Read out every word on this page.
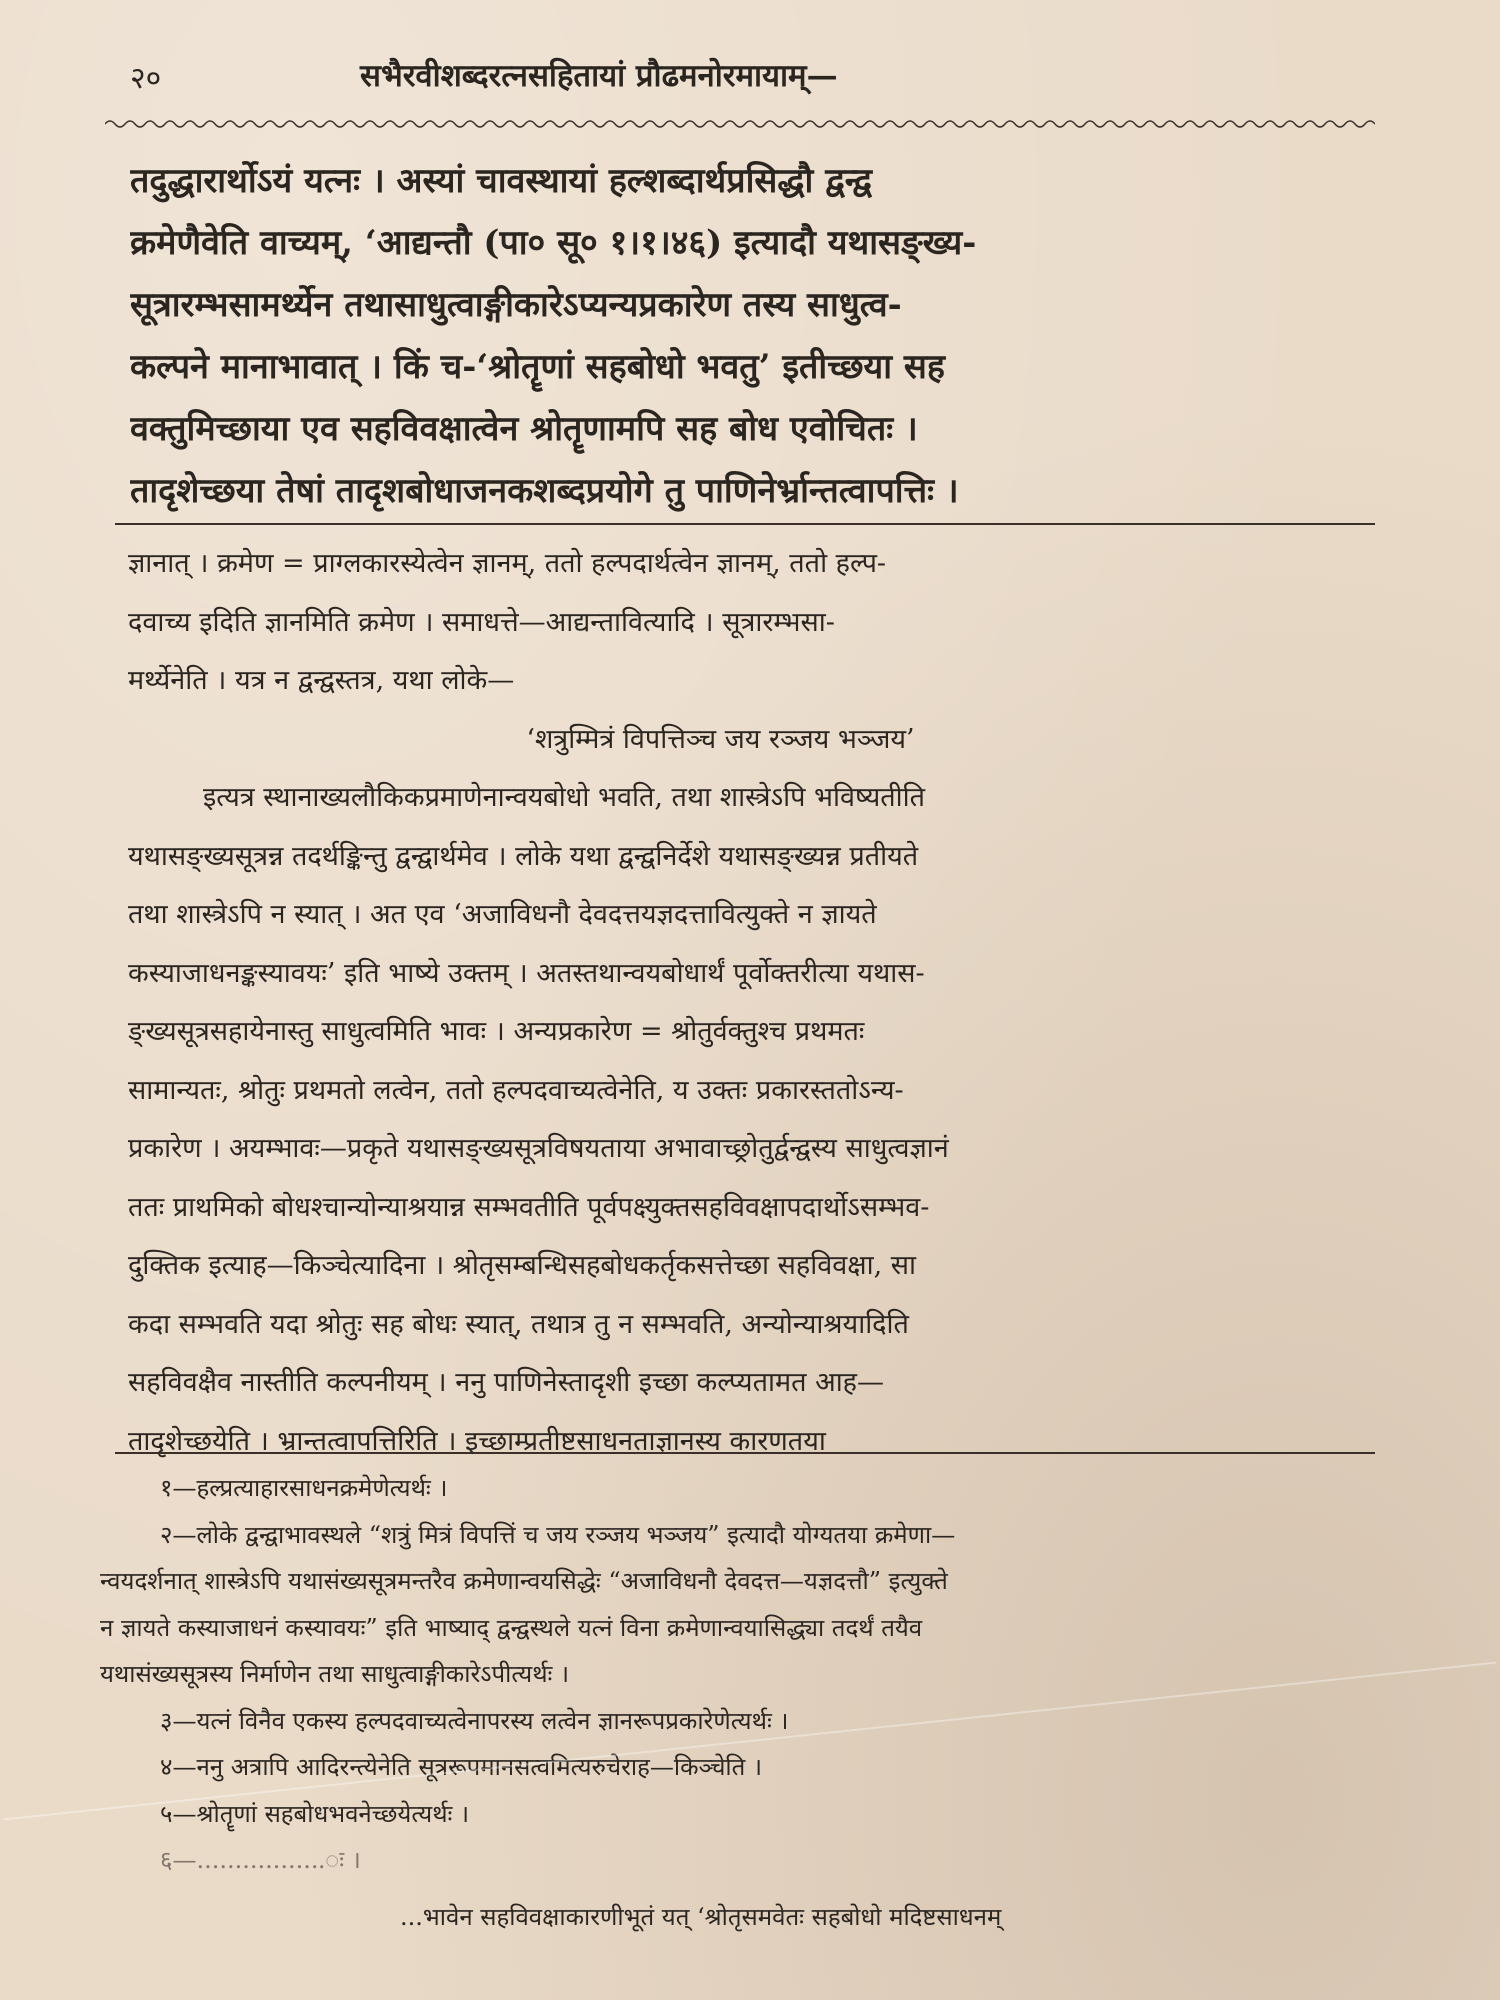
२०	सभैरवीशब्दरत्नसहितायां प्रौढमनोरमायाम्—
तदुद्धारार्थोऽयं यत्नः । अस्यां चावस्थायां हल्शब्दार्थप्रसिद्धौ द्वन्द्व
क्रमेणैवेति वाच्यम्, ‘आद्यन्तौ (पा० सू० १।१।४६) इत्यादौ यथासङ्ख्य-
सूत्रारम्भसामर्थ्येन तथासाधुत्वाङ्गीकारेऽप्यन्यप्रकारेण तस्य साधुत्व-
कल्पने मानाभावात् । किं च-‘श्रोतॄणां सहबोधो भवतु’ इतीच्छया सह
वक्तुमिच्छाया एव सहविवक्षात्वेन श्रोतॄणामपि सह बोध एवोचितः ।
तादृशेच्छया तेषां तादृशबोधाजनकशब्दप्रयोगे तु पाणिनेर्भ्रान्तत्वापत्तिः ।
ज्ञानात् । क्रमेण = प्राग्लकारस्येत्वेन ज्ञानम्, ततो हल्पदार्थत्वेन ज्ञानम्, ततो हल्प-
दवाच्य इदिति ज्ञानमिति क्रमेण । समाधत्ते—आद्यन्तावित्यादि । सूत्रारम्भसा-
मर्थ्येनेति । यत्र न द्वन्द्वस्तत्र, यथा लोके—
‘शत्रुम्मित्रं विपत्तिञ्च जय रञ्जय भञ्जय’
इत्यत्र स्थानाख्यलौकिकप्रमाणेनान्वयबोधो भवति, तथा शास्त्रेऽपि भविष्यतीति
यथासङ्ख्यसूत्रन्न तदर्थङ्किन्तु द्वन्द्वार्थमेव । लोके यथा द्वन्द्वनिर्देशे यथासङ्ख्यन्न प्रतीयते
तथा शास्त्रेऽपि न स्यात् । अत एव ‘अजाविधनौ देवदत्तयज्ञदत्तावित्युक्ते न ज्ञायते
कस्याजाधनङ्कस्यावयः’ इति भाष्ये उक्तम् । अतस्तथान्वयबोधार्थं पूर्वोक्तरीत्या यथास-
ङ्ख्यसूत्रसहायेनास्तु साधुत्वमिति भावः । अन्यप्रकारेण = श्रोतुर्वक्तुश्च प्रथमतः
सामान्यतः, श्रोतुः प्रथमतो लत्वेन, ततो हल्पदवाच्यत्वेनेति, य उक्तः प्रकारस्ततोऽन्य-
प्रकारेण । अयम्भावः—प्रकृते यथासङ्ख्यसूत्रविषयताया अभावाच्छ्रोतुर्द्वन्द्वस्य साधुत्वज्ञानं
ततः प्राथमिको बोधश्चान्योन्याश्रयान्न सम्भवतीति पूर्वपक्ष्युक्तसहविवक्षापदार्थोऽसम्भव-
दुक्तिक इत्याह—किञ्चेत्यादिना । श्रोतृसम्बन्धिसहबोधकर्तृकसत्तेच्छा सहविवक्षा, सा
कदा सम्भवति यदा श्रोतुः सह बोधः स्यात्, तथात्र तु न सम्भवति, अन्योन्याश्रयादिति
सहविवक्षैव नास्तीति कल्पनीयम् । ननु पाणिनेस्तादृशी इच्छा कल्प्यतामत आह—
तादृशेच्छयेति । भ्रान्तत्वापत्तिरिति । इच्छाम्प्रतीष्टसाधनताज्ञानस्य कारणतया
१—हल्प्रत्याहारसाधनक्रमेणेत्यर्थः ।
२—लोके द्वन्द्वाभावस्थले “शत्रुं मित्रं विपत्तिं च जय रञ्जय भञ्जय” इत्यादौ योग्यतया क्रमेणा—
न्वयदर्शनात् शास्त्रेऽपि यथासंख्यसूत्रमन्तरैव क्रमेणान्वयसिद्धेः “अजाविधनौ देवदत्त—यज्ञदत्तौ” इत्युक्ते
न ज्ञायते कस्याजाधनं कस्यावयः” इति भाष्याद् द्वन्द्वस्थले यत्नं विना क्रमेणान्वयासिद्ध्या तदर्थं तयैव
यथासंख्यसूत्रस्य निर्माणेन तथा साधुत्वाङ्गीकारेऽपीत्यर्थः ।
३—यत्नं विनैव एकस्य हल्पदवाच्यत्वेनापरस्य लत्वेन ज्ञानरूपप्रकारेणेत्यर्थः ।
४—ननु अत्रापि आदिरन्त्येनेति सूत्ररूपमानसत्वमित्यरुचेराह—किञ्चेति ।
५—श्रोतॄणां सहबोधभवनेच्छयेत्यर्थः ।
६—.................ः ।
...भावेन सहविवक्षाकारणीभूतं यत् ‘श्रोतृसमवेतः सहबोधो मदिष्टसाधनम्
